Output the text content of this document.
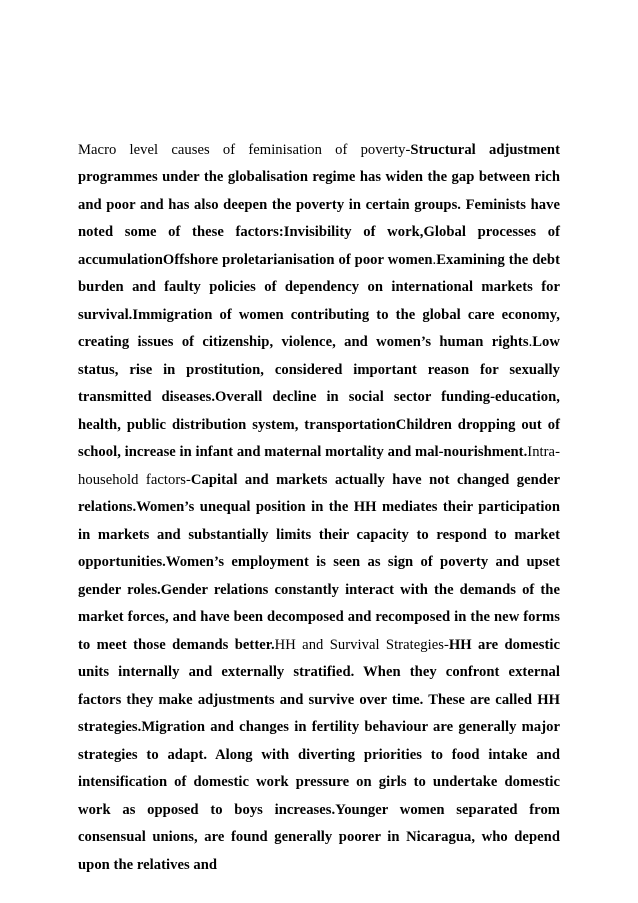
Macro level causes of feminisation of poverty-Structural adjustment programmes under the globalisation regime has widen the gap between rich and poor and has also deepen the poverty in certain groups. Feminists have noted some of these factors:Invisibility of work,Global processes of accumulationOffshore proletarianisation of poor women.Examining the debt burden and faulty policies of dependency on international markets for survival.Immigration of women contributing to the global care economy, creating issues of citizenship, violence, and women’s human rights.Low status, rise in prostitution, considered important reason for sexually transmitted diseases.Overall decline in social sector funding-education, health, public distribution system, transportationChildren dropping out of school, increase in infant and maternal mortality and mal-nourishment.Intra-household factors-Capital and markets actually have not changed gender relations.Women’s unequal position in the HH mediates their participation in markets and substantially limits their capacity to respond to market opportunities.Women’s employment is seen as sign of poverty and upset gender roles.Gender relations constantly interact with the demands of the market forces, and have been decomposed and recomposed in the new forms to meet those demands better.HH and Survival Strategies-HH are domestic units internally and externally stratified. When they confront external factors they make adjustments and survive over time. These are called HH strategies.Migration and changes in fertility behaviour are generally major strategies to adapt. Along with diverting priorities to food intake and intensification of domestic work pressure on girls to undertake domestic work as opposed to boys increases.Younger women separated from consensual unions, are found generally poorer in Nicaragua, who depend upon the relatives and
